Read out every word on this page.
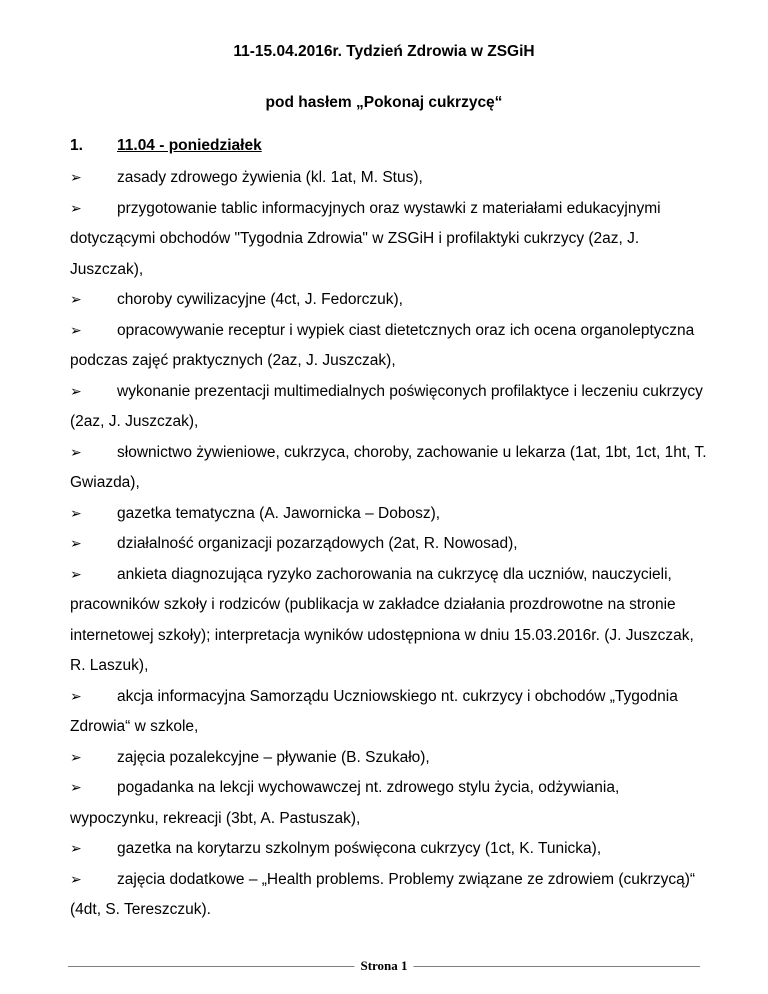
11-15.04.2016r. Tydzień Zdrowia w ZSGiH
pod hasłem „Pokonaj cukrzycę“
1. 11.04 - poniedziałek

➢ zasady zdrowego żywienia (kl. 1at, M. Stus),

➢ przygotowanie tablic informacyjnych oraz wystawki z materiałami edukacyjnymi dotyczącymi obchodów "Tygodnia Zdrowia" w ZSGiH i profilaktyki cukrzycy (2az, J. Juszczak),

➢ choroby cywilizacyjne (4ct, J. Fedorczuk),

➢ opracowywanie receptur i wypiek ciast dietetcznych oraz ich ocena organoleptyczna podczas zajęć praktycznych (2az, J. Juszczak),

➢ wykonanie prezentacji multimedialnych poświęconych profilaktyce i leczeniu cukrzycy (2az, J. Juszczak),

➢ słownictwo żywieniowe, cukrzyca, choroby, zachowanie u lekarza (1at, 1bt, 1ct, 1ht, T. Gwiazda),

➢ gazetka tematyczna (A. Jawornicka – Dobosz),

➢ działalność organizacji pozarządowych (2at, R. Nowosad),

➢ ankieta diagnozująca ryzyko zachorowania na cukrzycę dla uczniów, nauczycieli, pracowników szkoły i rodziców (publikacja w zakładce działania prozdrowotne na stronie internetowej szkoły); interpretacja wyników udostępniona w dniu 15.03.2016r. (J. Juszczak, R. Laszuk),

➢ akcja informacyjna Samorządu Uczniowskiego nt. cukrzycy i obchodów „Tygodnia Zdrowia“ w szkole,

➢ zajęcia pozalekcyjne – pływanie (B. Szukało),

➢ pogadanka na lekcji wychowawczej nt. zdrowego stylu życia, odżywiania, wypoczynku, rekreacji (3bt, A. Pastuszak),

➢ gazetka na korytarzu szkolnym poświęcona cukrzycy (1ct, K. Tunicka),

➢ zajęcia dodatkowe – „Health problems. Problemy związane ze zdrowiem (cukrzycą)“ (4dt, S. Tereszczuk).

Strona 1
